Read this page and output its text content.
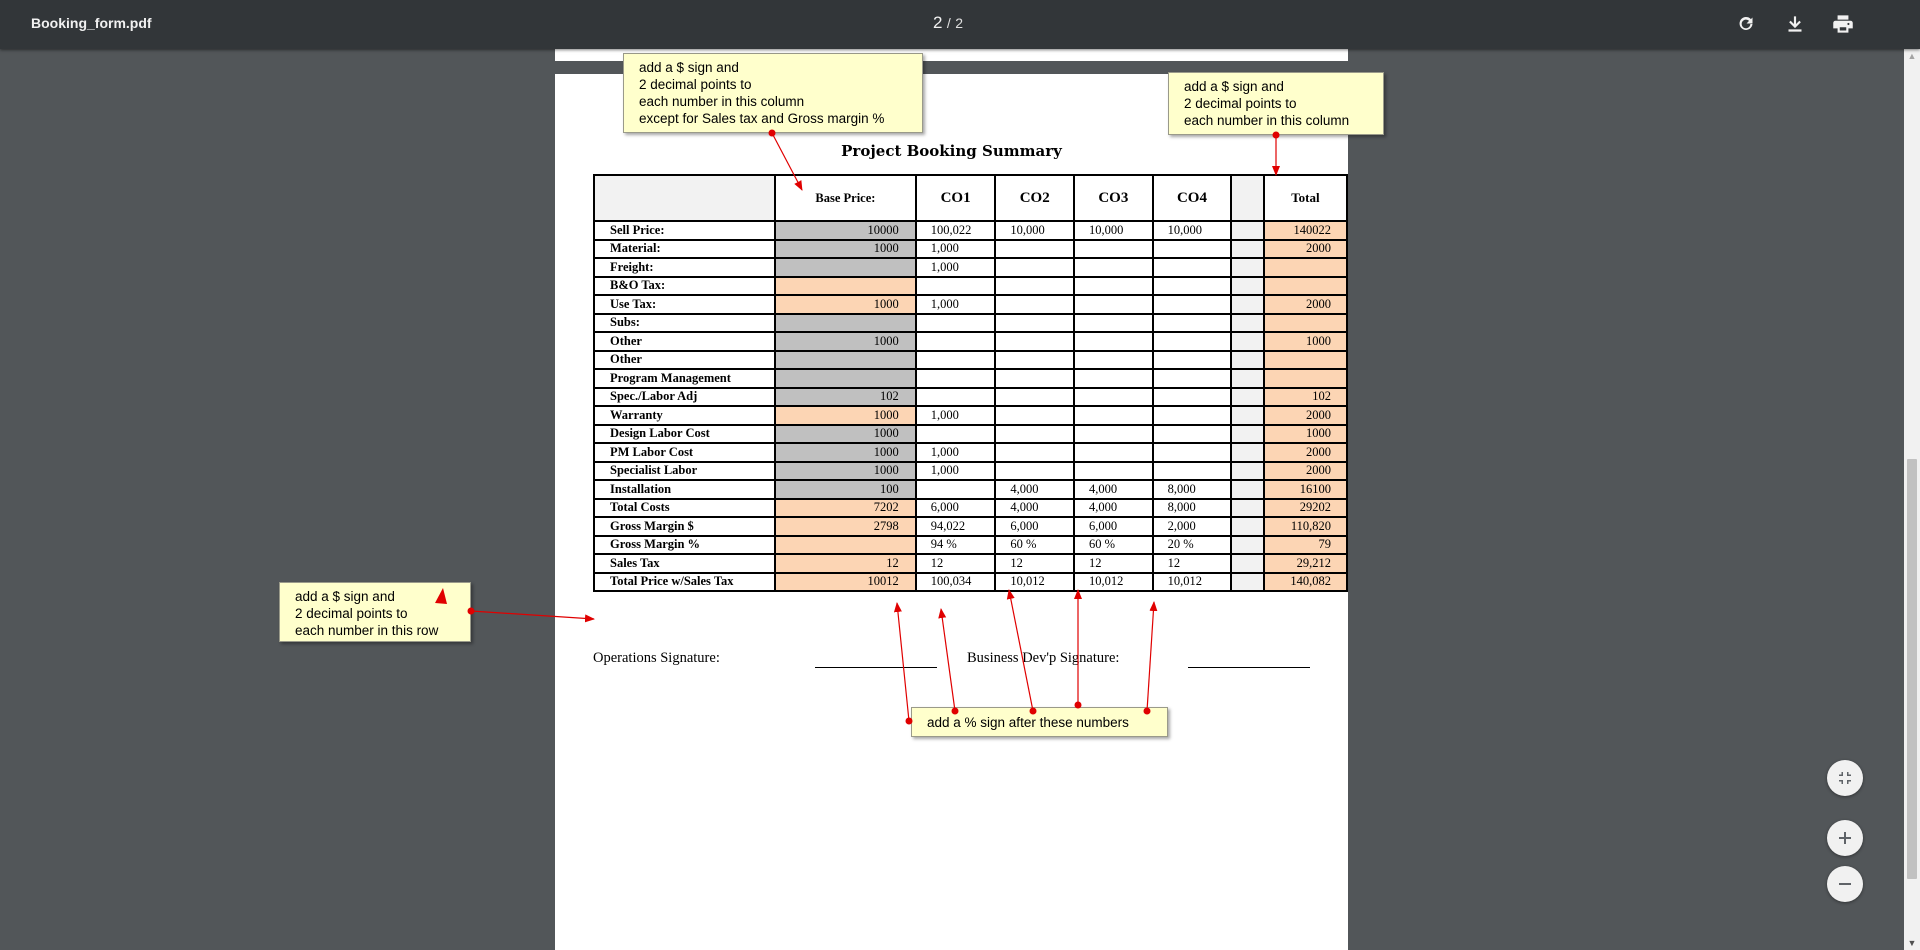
Booking_form.pdf	2 / 2
▲
▼
Project Booking Summary
	Base Price:	CO1	CO2	CO3	CO4		Total
Sell Price:	10000	100,022	10,000	10,000	10,000		140022
Material:	1000	1,000					2000
Freight:		1,000					
B&O Tax:							
Use Tax:	1000	1,000					2000
Subs:							
Other	1000						1000
Other							
Program Management							
Spec./Labor Adj	102						102
Warranty	1000	1,000					2000
Design Labor Cost	1000						1000
PM Labor Cost	1000	1,000					2000
Specialist Labor	1000	1,000					2000
Installation	100		4,000	4,000	8,000		16100
Total Costs	7202	6,000	4,000	4,000	8,000		29202
Gross Margin $	2798	94,022	6,000	6,000	2,000		110,820
Gross Margin %		94 %	60 %	60 %	20 %		79
Sales Tax	12	12	12	12	12		29,212
Total Price w/Sales Tax	10012	100,034	10,012	10,012	10,012		140,082
Operations Signature:	Business Dev'p Signature:
add a $ sign and
2 decimal points to
each number in this column
except for Sales tax and Gross margin %
add a $ sign and
2 decimal points to
each number in this column
add a $ sign and
2 decimal points to
each number in this row
add a % sign after these numbers
